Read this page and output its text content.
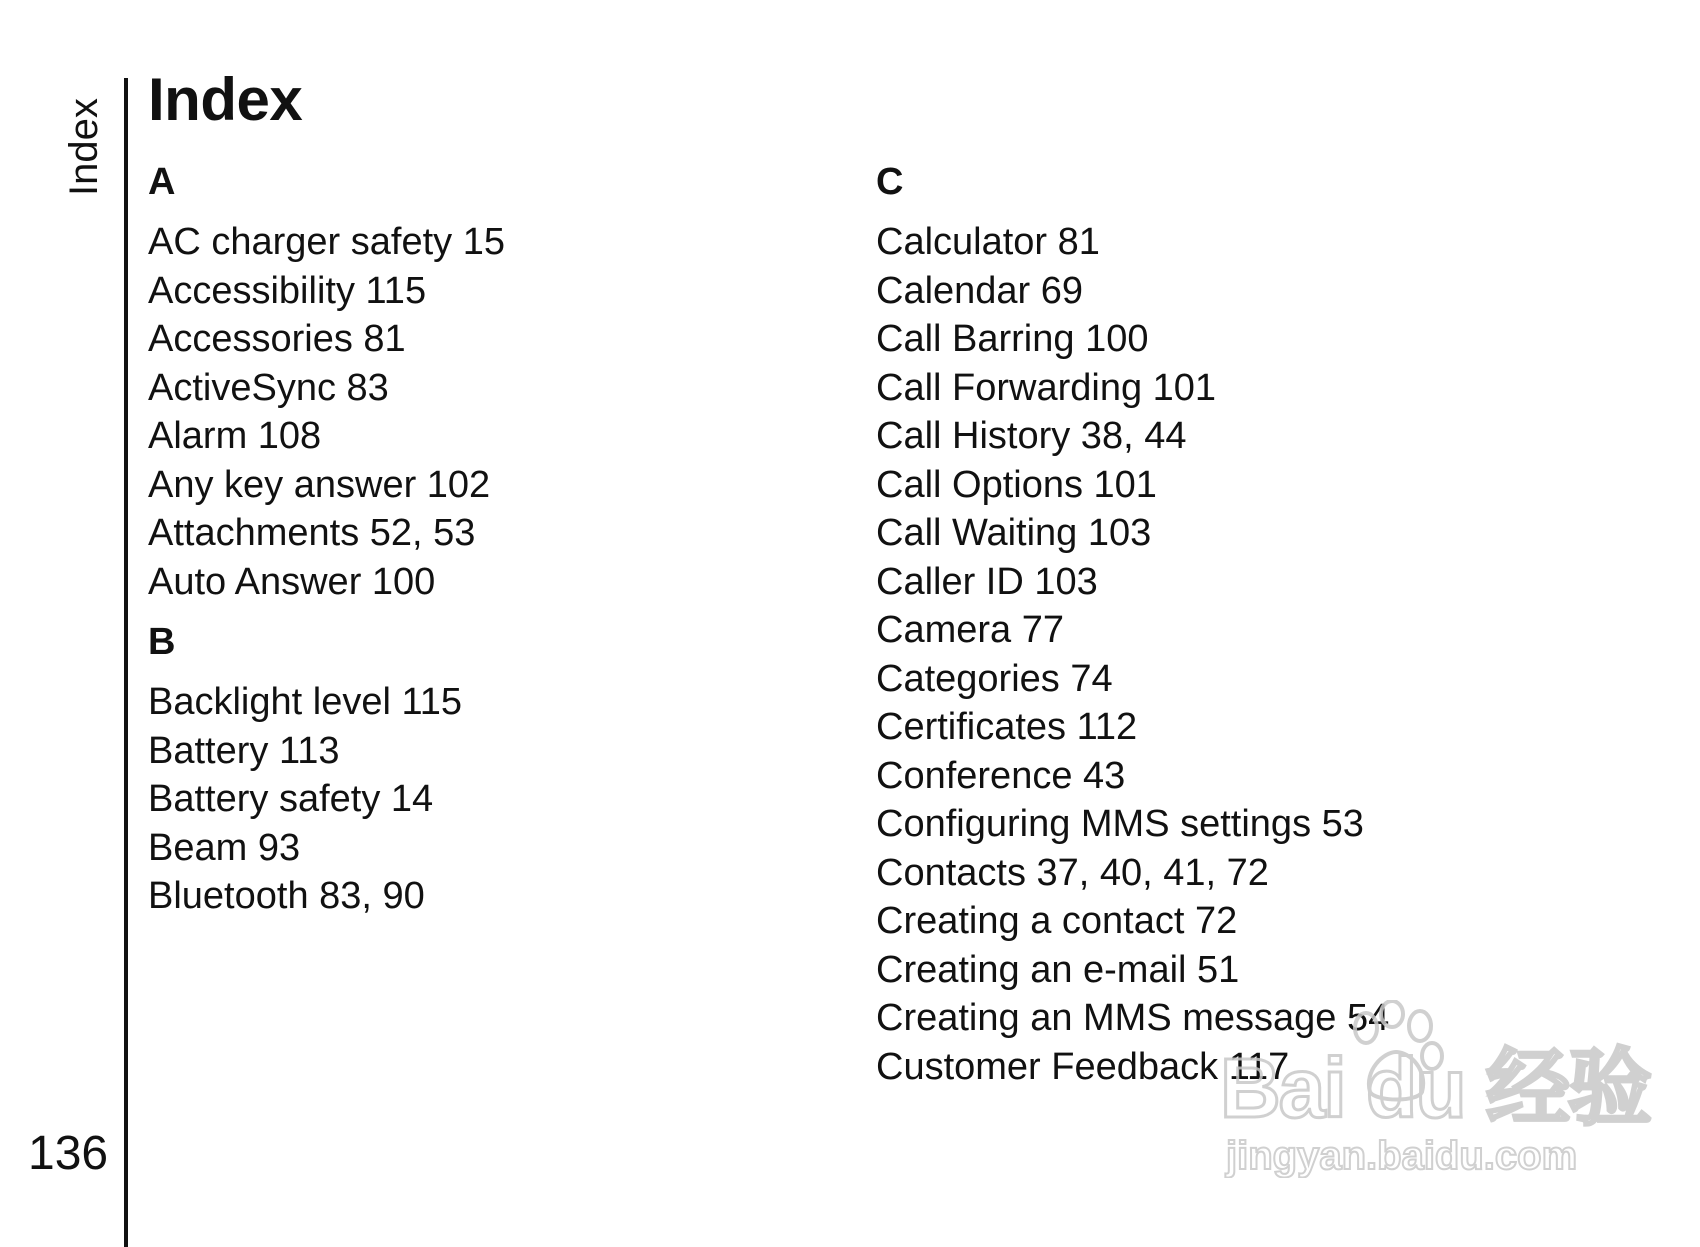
Index
136
Index
A
AC charger safety 15
Accessibility 115
Accessories 81
ActiveSync 83
Alarm 108
Any key answer 102
Attachments 52, 53
Auto Answer 100
B
Backlight level 115
Battery 113
Battery safety 14
Beam 93
Bluetooth 83, 90
C
Calculator 81
Calendar 69
Call Barring 100
Call Forwarding 101
Call History 38, 44
Call Options 101
Call Waiting 103
Caller ID 103
Camera 77
Categories 74
Certificates 112
Conference 43
Configuring MMS settings 53
Contacts 37, 40, 41, 72
Creating a contact 72
Creating an e-mail 51
Creating an MMS message 54
Customer Feedback 117
Bai du 经验
jingyan.baidu.com
